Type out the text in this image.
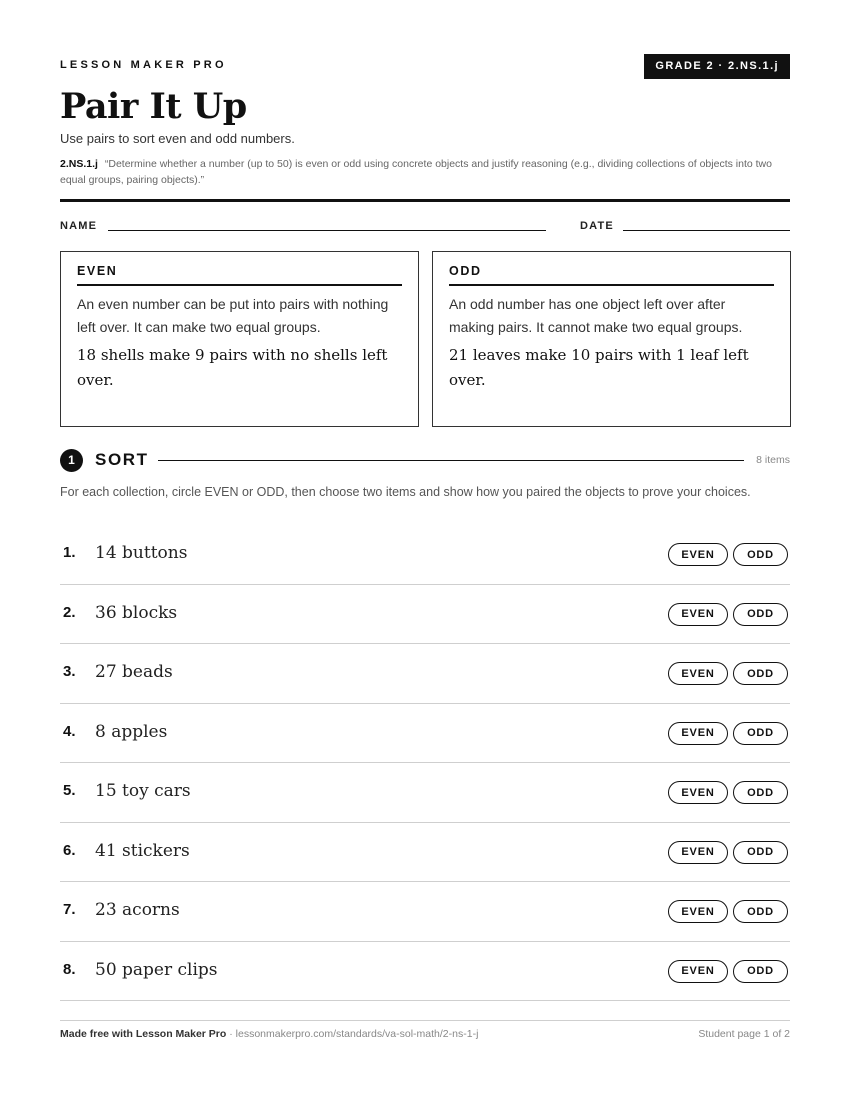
LESSON MAKER PRO	GRADE 2 · 2.NS.1.j
Pair It Up
Use pairs to sort even and odd numbers.
2.NS.1.j “Determine whether a number (up to 50) is even or odd using concrete objects and justify reasoning (e.g., dividing collections of objects into two equal groups, pairing objects).”
NAME	DATE
EVEN
An even number can be put into pairs with nothing left over. It can make two equal groups.
18 shells make 9 pairs with no shells left over.
ODD
An odd number has one object left over after making pairs. It cannot make two equal groups.
21 leaves make 10 pairs with 1 leaf left over.
1	SORT	8 items
For each collection, circle EVEN or ODD, then choose two items and show how you paired the objects to prove your choices.
1. 14 buttons	EVEN	ODD
2. 36 blocks	EVEN	ODD
3. 27 beads	EVEN	ODD
4. 8 apples	EVEN	ODD
5. 15 toy cars	EVEN	ODD
6. 41 stickers	EVEN	ODD
7. 23 acorns	EVEN	ODD
8. 50 paper clips	EVEN	ODD
Made free with Lesson Maker Pro · lessonmakerpro.com/standards/va-sol-math/2-ns-1-j	Student page 1 of 2
